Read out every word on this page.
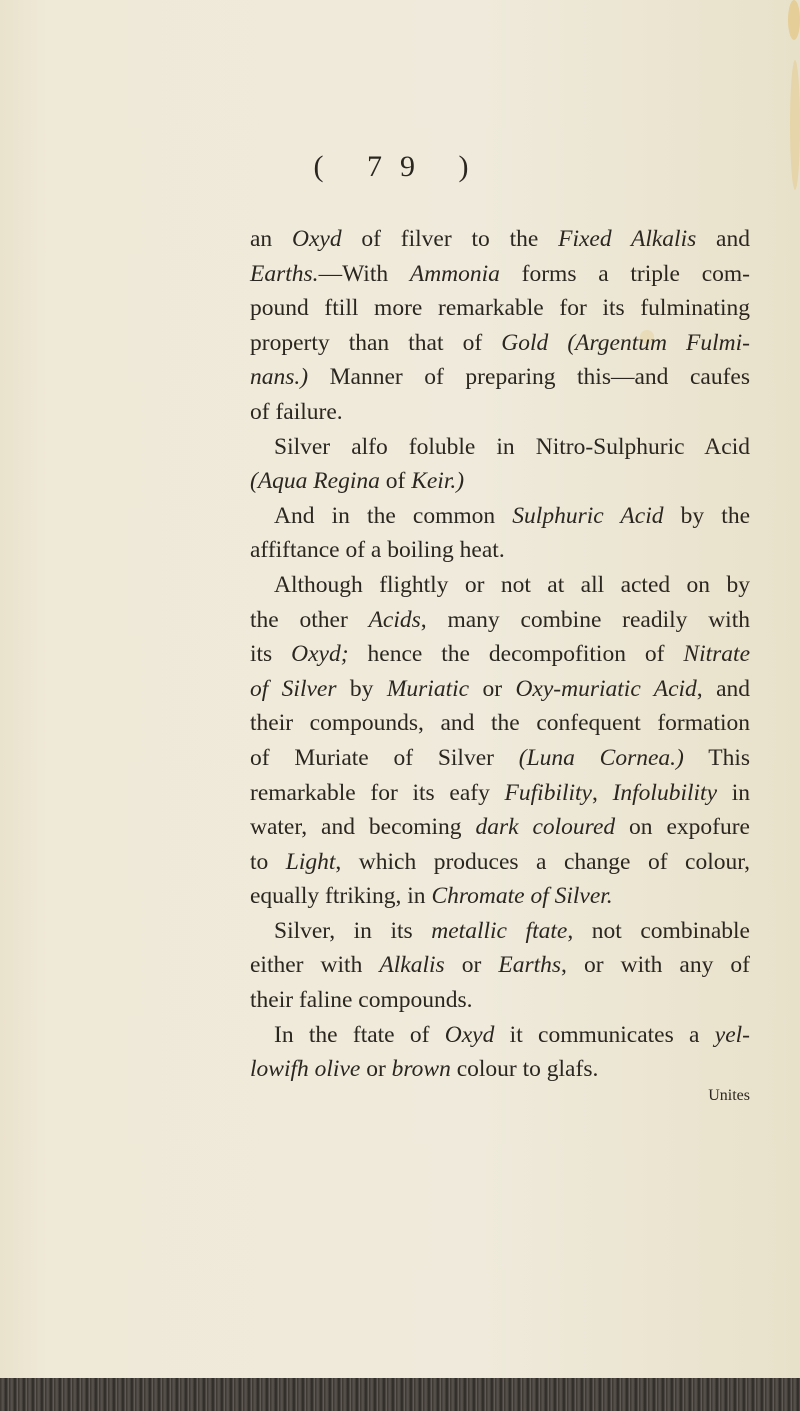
( 79 )
an Oxyd of filver to the Fixed Alkalis and
Earths.—With Ammonia forms a triple com-
pound ftill more remarkable for its fulminating
property than that of Gold (Argentum Fulmi-
nans.) Manner of preparing this—and caufes
of failure.
Silver alfo foluble in Nitro-Sulphuric Acid
(Aqua Regina of Keir.)
And in the common Sulphuric Acid by the
affiftance of a boiling heat.
Although flightly or not at all acted on by
the other Acids, many combine readily with
its Oxyd; hence the decompofition of Nitrate
of Silver by Muriatic or Oxy-muriatic Acid, and
their compounds, and the confequent formation
of Muriate of Silver (Luna Cornea.) This
remarkable for its eafy Fufibility, Infolubility in
water, and becoming dark coloured on expofure
to Light, which produces a change of colour,
equally ftriking, in Chromate of Silver.
Silver, in its metallic ftate, not combinable
either with Alkalis or Earths, or with any of
their faline compounds.
In the ftate of Oxyd it communicates a yel-
lowifh olive or brown colour to glafs.
Unites
